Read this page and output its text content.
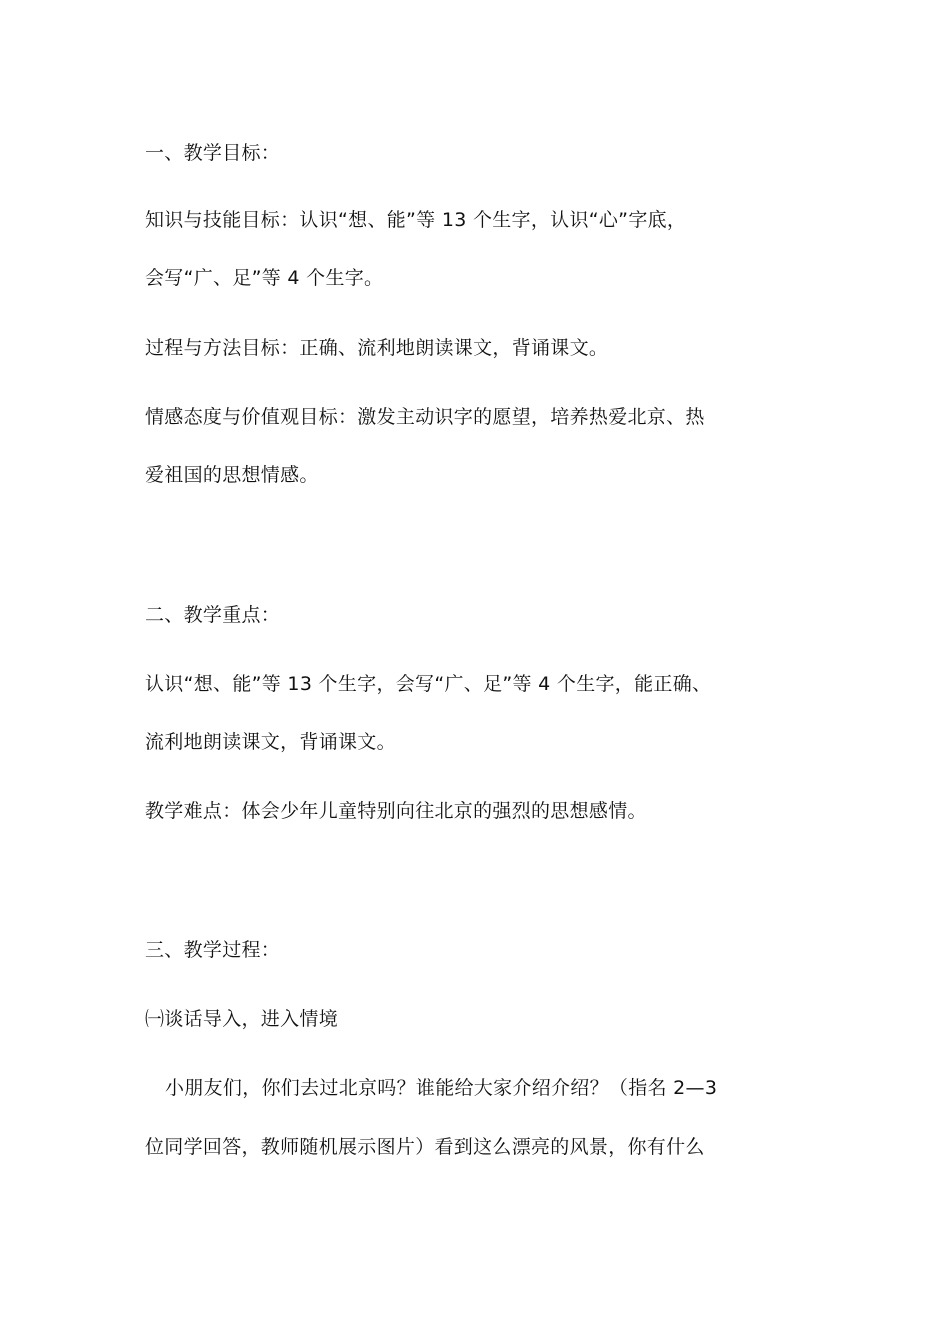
一、教学目标：
知识与技能目标：认识“想、能”等 13 个生字，认识“心”字底，
会写“广、足”等 4 个生字。
过程与方法目标：正确、流利地朗读课文，背诵课文。
情感态度与价值观目标：激发主动识字的愿望，培养热爱北京、热
爱祖国的思想情感。
二、教学重点：
认识“想、能”等 13 个生字，会写“广、足”等 4 个生字，能正确、
流利地朗读课文，背诵课文。
教学难点：体会少年儿童特别向往北京的强烈的思想感情。
三、教学过程：
㈠谈话导入，进入情境
小朋友们，你们去过北京吗？谁能给大家介绍介绍？（指名 2—3
位同学回答，教师随机展示图片）看到这么漂亮的风景，你有什么
